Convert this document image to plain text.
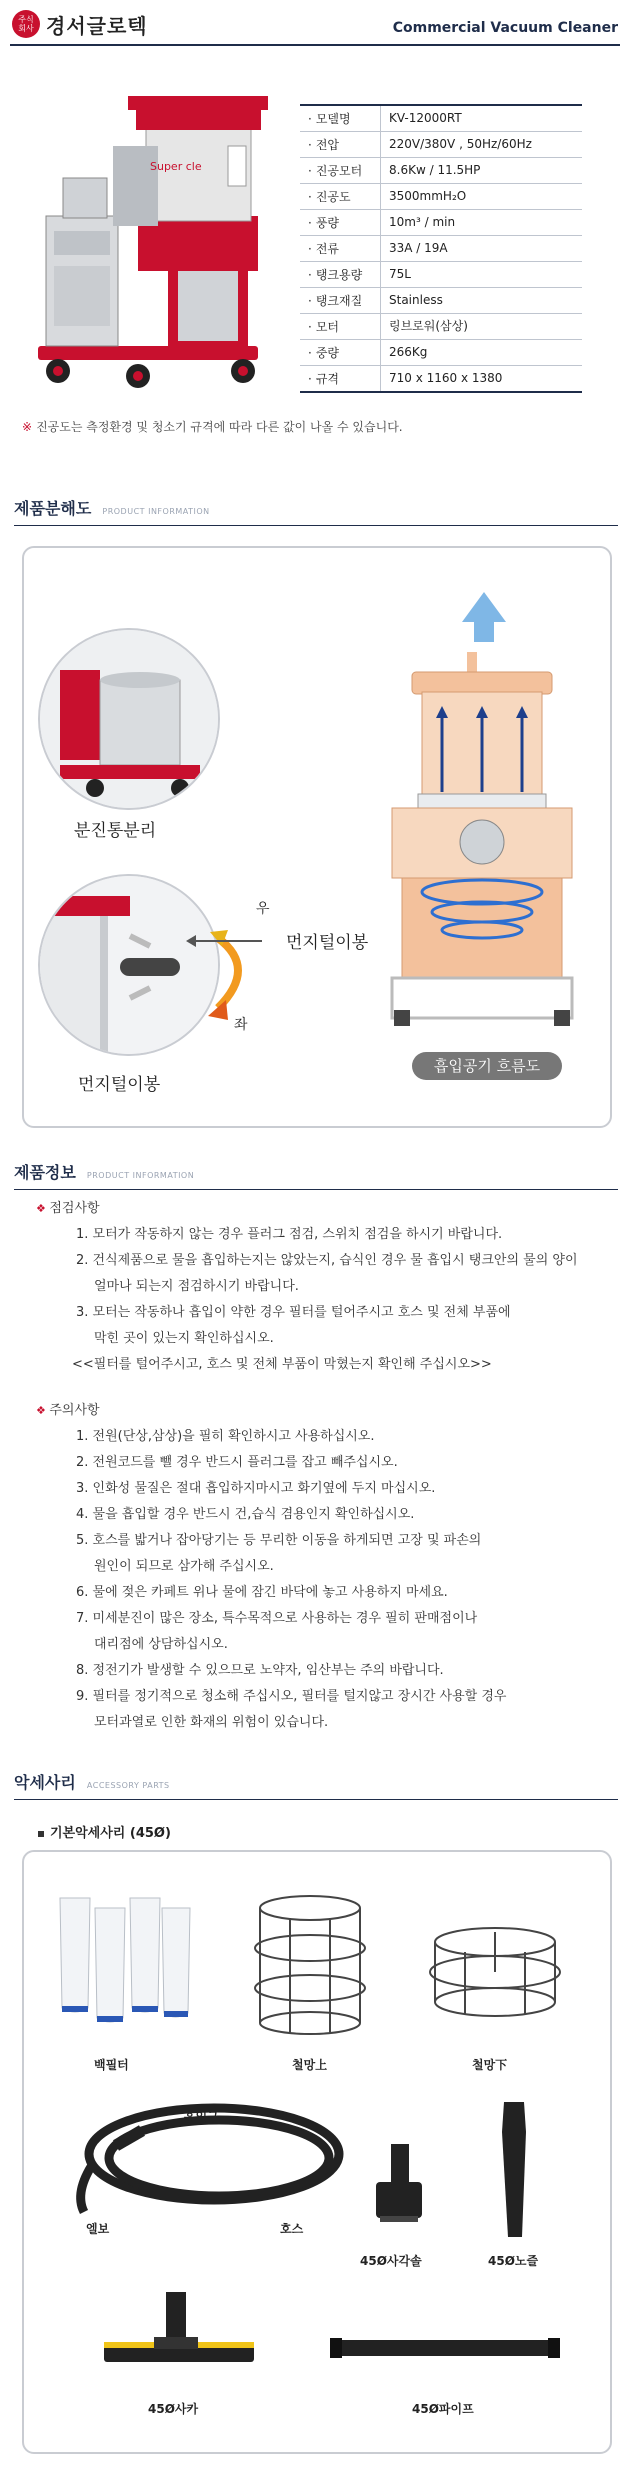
주식
회사 경서글로텍	Commercial Vacuum Cleaner
Super cle
· 모델명	KV-12000RT
· 전압	220V/380V , 50Hz/60Hz
· 진공모터	8.6Kw / 11.5HP
· 진공도	3500mmH₂O
· 풍량	10m³ / min
· 전류	33A / 19A
· 탱크용량	75L
· 탱크재질	Stainless
· 모터	링브로워(삼상)
· 중량	266Kg
· 규격	710 x 1160 x 1380
※ 진공도는 측정환경 및 청소기 규격에 따라 다른 값이 나올 수 있습니다.
제품분해도 PRODUCT INFORMATION
분진통분리
먼지털이봉
우
좌
먼지털이봉
흡입공기 흐름도
제품정보 PRODUCT INFORMATION
❖ 점검사항
1. 모터가 작동하지 않는 경우 플러그 점검, 스위치 점검을 하시기 바랍니다.
2. 건식제품으로 물을 흡입하는지는 않았는지, 습식인 경우 물 흡입시 탱크안의 물의 양이
얼마나 되는지 점검하시기 바랍니다.
3. 모터는 작동하나 흡입이 약한 경우 필터를 털어주시고 호스 및 전체 부품에
막힌 곳이 있는지 확인하십시오.
<<필터를 털어주시고, 호스 및 전체 부품이 막혔는지 확인해 주십시오>>
❖ 주의사항
1. 전원(단상,삼상)을 필히 확인하시고 사용하십시오.
2. 전원코드를 뺄 경우 반드시 플러그를 잡고 빼주십시오.
3. 인화성 물질은 절대 흡입하지마시고 화기옆에 두지 마십시오.
4. 물을 흡입할 경우 반드시 건,습식 겸용인지 확인하십시오.
5. 호스를 밟거나 잡아당기는 등 무리한 이동을 하게되면 고장 및 파손의
원인이 되므로 삼가해 주십시오.
6. 물에 젖은 카페트 위나 물에 잠긴 바닥에 놓고 사용하지 마세요.
7. 미세분진이 많은 장소, 특수목적으로 사용하는 경우 필히 판매점이나
대리점에 상담하십시오.
8. 정전기가 발생할 수 있으므로 노약자, 임산부는 주의 바랍니다.
9. 필터를 정기적으로 청소해 주십시오, 필터를 털지않고 장시간 사용할 경우
모터과열로 인한 화재의 위험이 있습니다.
악세사리 ACCESSORY PARTS
기본악세사리 (45Ø)
백필터	철망上	철망下
흡입구
엘보	호스
45Ø사각솔	45Ø노즐
45Ø사카	45Ø파이프
